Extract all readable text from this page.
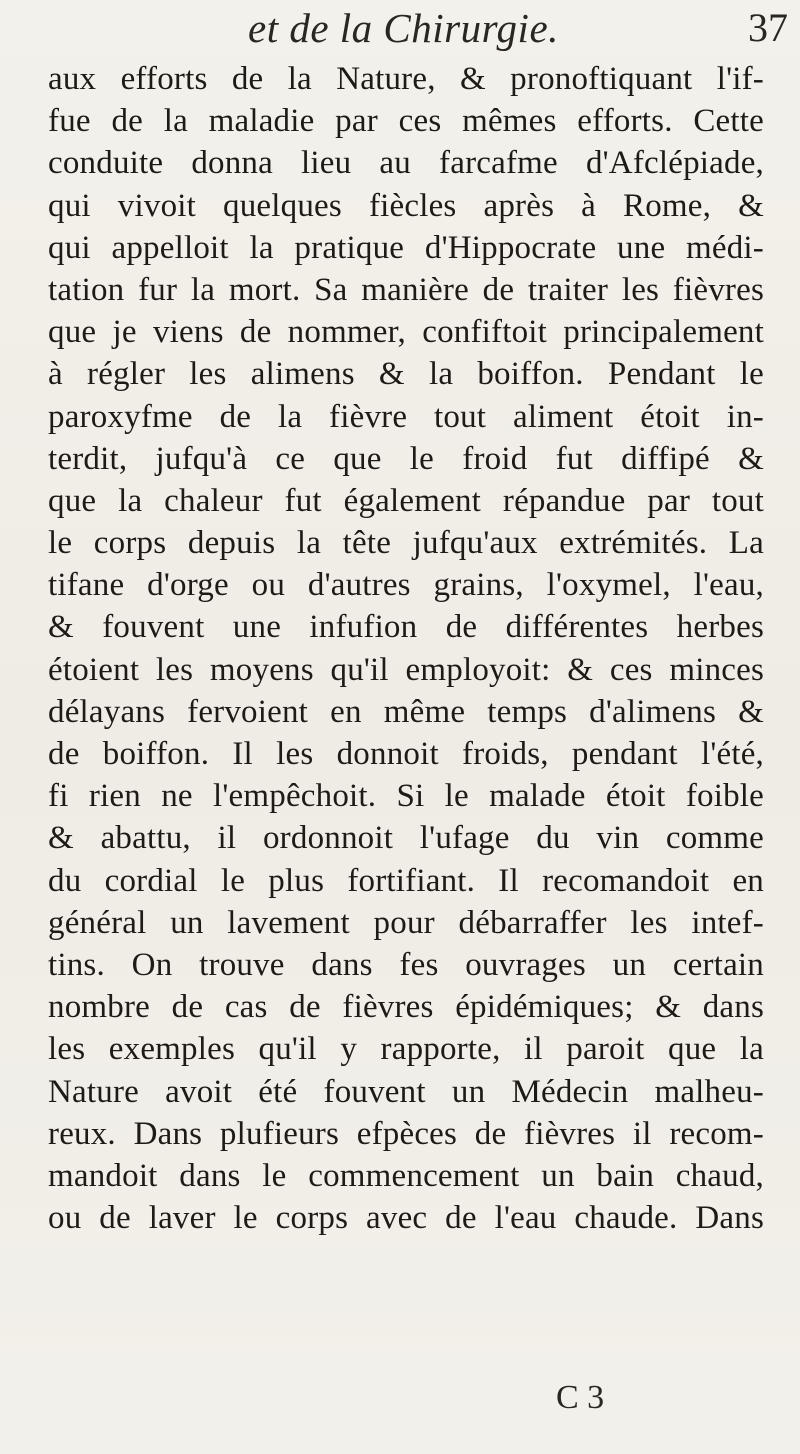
et de la Chirurgie.	37
aux efforts de la Nature, & pronoftiquant l'if-
fue de la maladie par ces mêmes efforts. Cette
conduite donna lieu au farcafme d'Afclépiade,
qui vivoit quelques fiècles après à Rome, &
qui appelloit la pratique d'Hippocrate une médi-
tation fur la mort. Sa manière de traiter les fièvres
que je viens de nommer, confiftoit principalement
à régler les alimens & la boiffon. Pendant le
paroxyfme de la fièvre tout aliment étoit in-
terdit, jufqu'à ce que le froid fut diffipé &
que la chaleur fut également répandue par tout
le corps depuis la tête jufqu'aux extrémités. La
tifane d'orge ou d'autres grains, l'oxymel, l'eau,
& fouvent une infufion de différentes herbes
étoient les moyens qu'il employoit: & ces minces
délayans fervoient en même temps d'alimens &
de boiffon. Il les donnoit froids, pendant l'été,
fi rien ne l'empêchoit. Si le malade étoit foible
& abattu, il ordonnoit l'ufage du vin comme
du cordial le plus fortifiant. Il recomandoit en
général un lavement pour débarraffer les intef-
tins. On trouve dans fes ouvrages un certain
nombre de cas de fièvres épidémiques; & dans
les exemples qu'il y rapporte, il paroit que la
Nature avoit été fouvent un Médecin malheu-
reux. Dans plufieurs efpèces de fièvres il recom-
mandoit dans le commencement un bain chaud,
ou de laver le corps avec de l'eau chaude. Dans
C 3
